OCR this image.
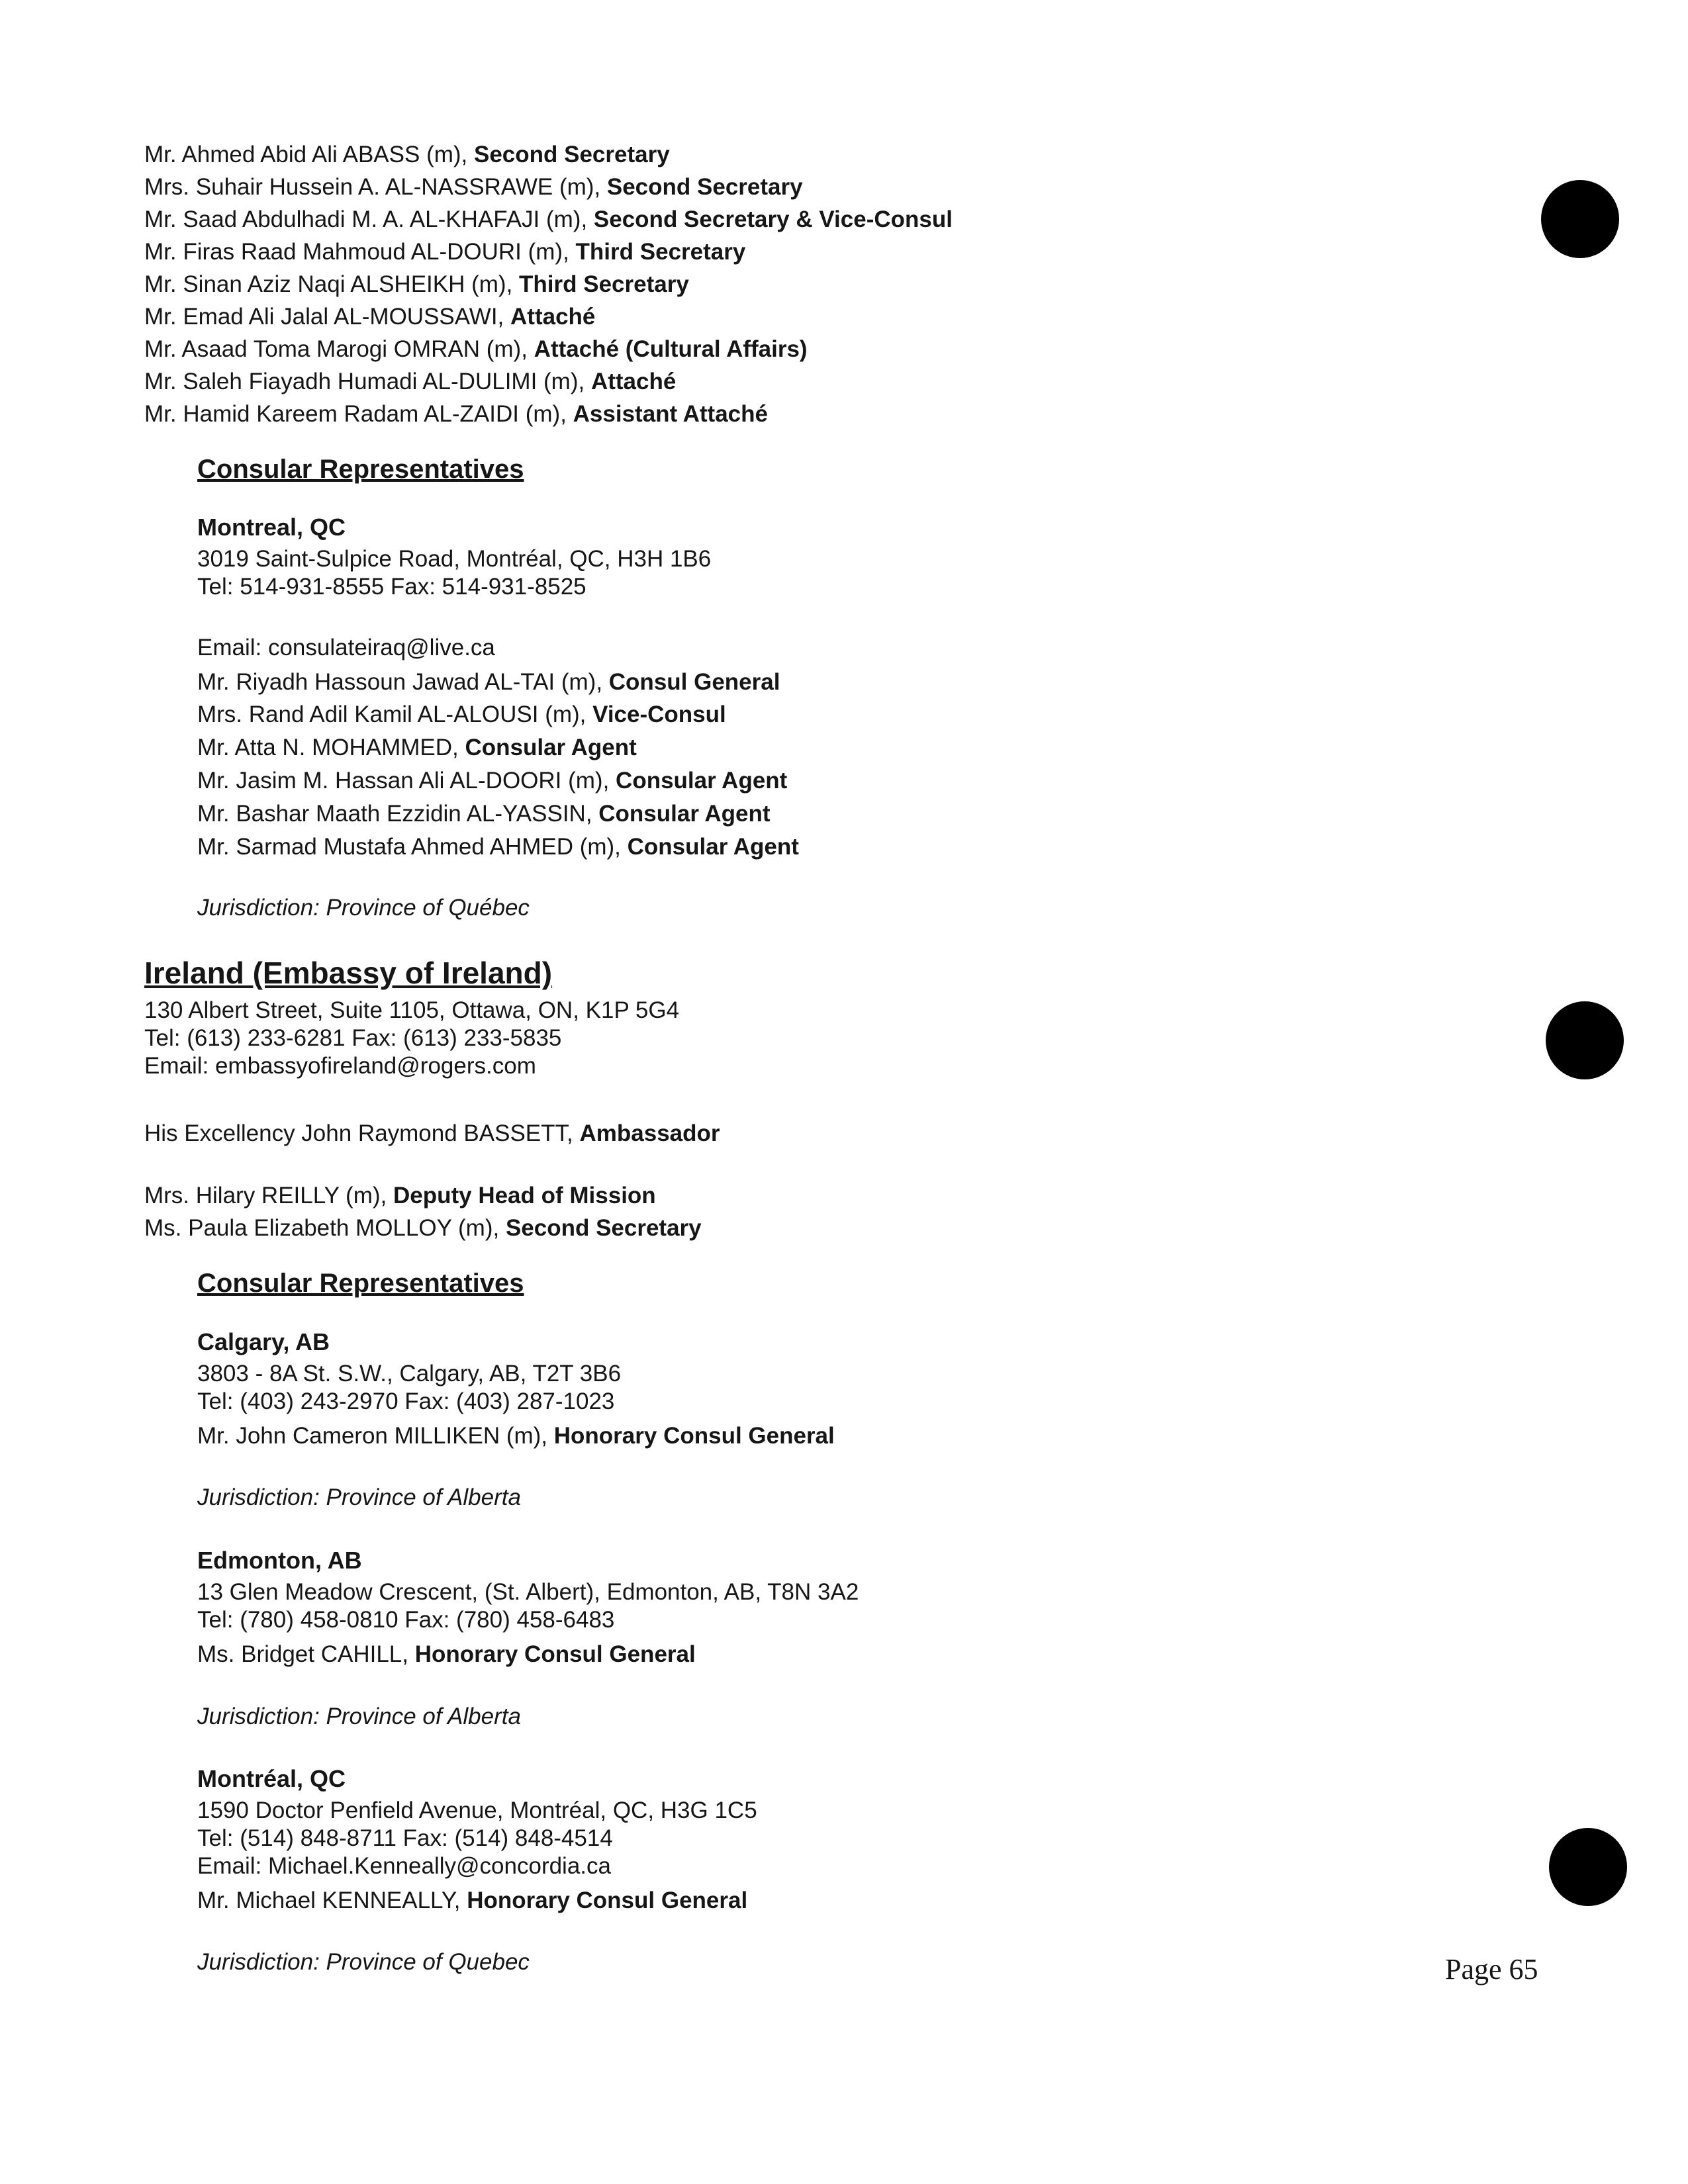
Mr. Ahmed Abid Ali ABASS (m), Second Secretary
Mrs. Suhair Hussein A. AL-NASSRAWE (m), Second Secretary
Mr. Saad Abdulhadi M. A. AL-KHAFAJI (m), Second Secretary & Vice-Consul
Mr. Firas Raad Mahmoud AL-DOURI (m), Third Secretary
Mr. Sinan Aziz Naqi ALSHEIKH (m), Third Secretary
Mr. Emad Ali Jalal AL-MOUSSAWI, Attaché
Mr. Asaad Toma Marogi OMRAN (m), Attaché (Cultural Affairs)
Mr. Saleh Fiayadh Humadi AL-DULIMI (m), Attaché
Mr. Hamid Kareem Radam AL-ZAIDI (m), Assistant Attaché
Consular Representatives
Montreal, QC
3019 Saint-Sulpice Road, Montréal, QC, H3H 1B6
Tel: 514-931-8555 Fax: 514-931-8525
Email: consulateiraq@live.ca
Mr. Riyadh Hassoun Jawad AL-TAI (m), Consul General
Mrs. Rand Adil Kamil AL-ALOUSI (m), Vice-Consul
Mr. Atta N. MOHAMMED, Consular Agent
Mr. Jasim M. Hassan Ali AL-DOORI (m), Consular Agent
Mr. Bashar Maath Ezzidin AL-YASSIN, Consular Agent
Mr. Sarmad Mustafa Ahmed AHMED (m), Consular Agent
Jurisdiction: Province of Québec
Ireland (Embassy of Ireland)
130 Albert Street, Suite 1105, Ottawa, ON, K1P 5G4
Tel: (613) 233-6281 Fax: (613) 233-5835
Email: embassyofireland@rogers.com
His Excellency John Raymond BASSETT, Ambassador
Mrs. Hilary REILLY (m), Deputy Head of Mission
Ms. Paula Elizabeth MOLLOY (m), Second Secretary
Consular Representatives
Calgary, AB
3803 - 8A St. S.W., Calgary, AB, T2T 3B6
Tel: (403) 243-2970 Fax: (403) 287-1023
Mr. John Cameron MILLIKEN (m), Honorary Consul General
Jurisdiction: Province of Alberta
Edmonton, AB
13 Glen Meadow Crescent, (St. Albert), Edmonton, AB, T8N 3A2
Tel: (780) 458-0810 Fax: (780) 458-6483
Ms. Bridget CAHILL, Honorary Consul General
Jurisdiction: Province of Alberta
Montréal, QC
1590 Doctor Penfield Avenue, Montréal, QC, H3G 1C5
Tel: (514) 848-8711 Fax: (514) 848-4514
Email: Michael.Kenneally@concordia.ca
Mr. Michael KENNEALLY, Honorary Consul General
Jurisdiction: Province of Quebec	Page 65
